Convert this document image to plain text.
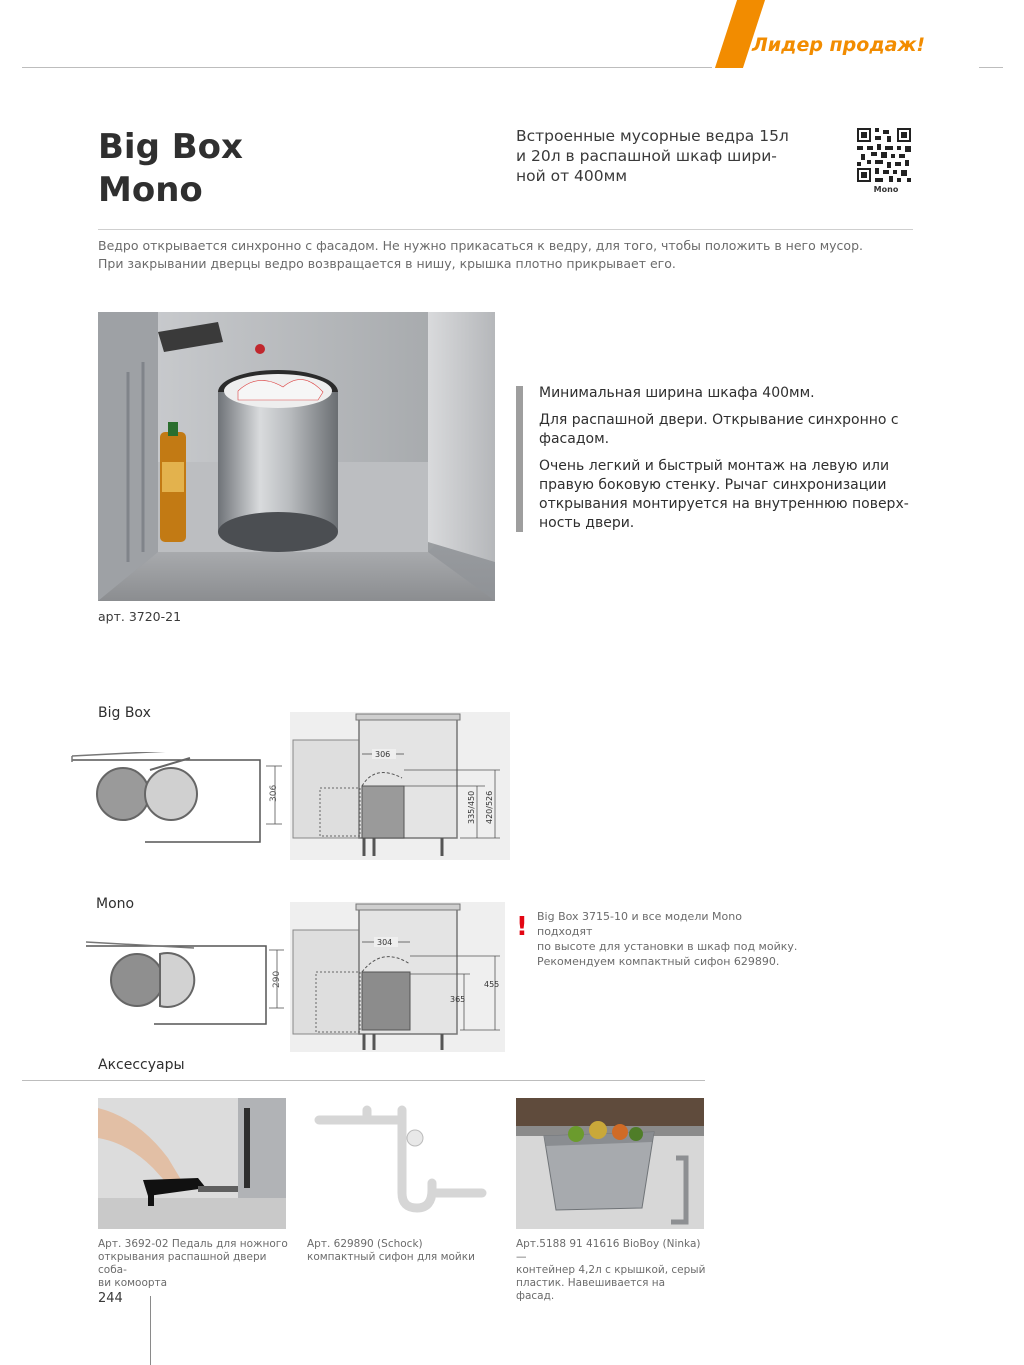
Лидер продаж!
Big Box
Mono
Встроенные мусорные ведра 15л
и 20л в распашной шкаф шири-
ной от 400мм
Mono
Ведро открывается синхронно с фасадом. Не нужно прикасаться к ведру, для того, чтобы положить в него мусор.
При закрывании дверцы ведро возвращается в нишу, крышка плотно прикрывает его.
арт. 3720-21

Минимальная ширина шкафа 400мм.

Для распашной двери. Открывание синхронно с фасадом.

Очень легкий и быстрый монтаж на левую или правую боковую стенку. Рычаг синхронизации открывания монтируется на внутреннюю поверх-ность двери.

Big Box
306
306
335/450 420/526
Mono
290
304
365
455
! Big Box 3715-10 и все модели Mono подходят
по высоте для установки в шкаф под мойку.
Рекомендуем компактный сифон 629890.
Аксессуары
Арт. 3692-02 Педаль для ножного
открывания распашной двери соба-
ви комоорта
Арт. 629890 (Schock)
компактный сифон для мойки
Арт.5188 91 41616 BioBoy (Ninka) —
контейнер 4,2л с крышкой, серый
пластик. Навешивается на фасад.
244
